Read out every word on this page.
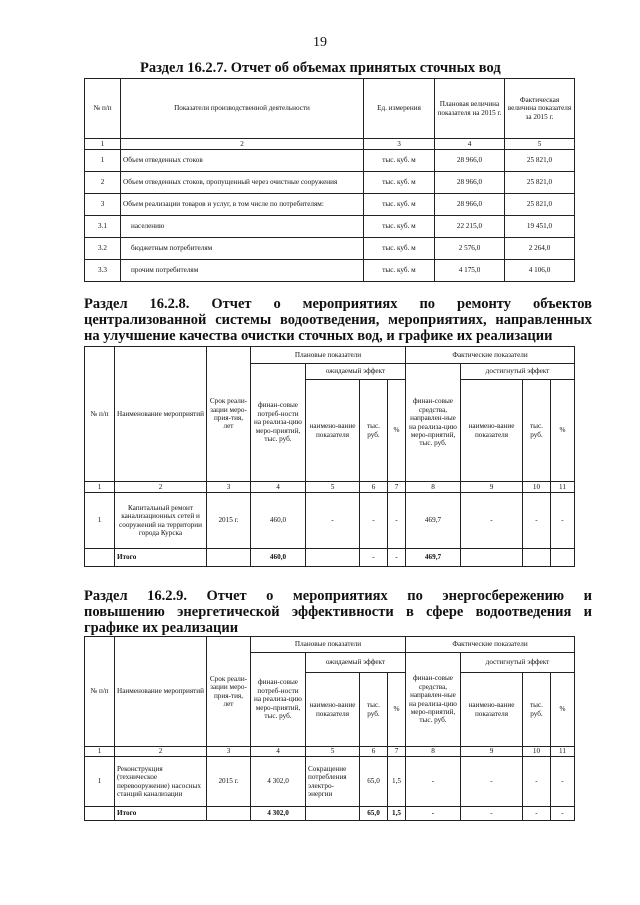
19
Раздел 16.2.7. Отчет об объемах принятых сточных вод
№ п/п	Показатели производственной деятельности	Ед. измерения	Плановая величина показателя на 2015 г.	Фактическая величина показателя за 2015 г.
1	2	3	4	5
1	Объем отведенных стоков	тыс. куб. м	28 966,0	25 821,0
2	Объем отведенных стоков, пропущенный через очистные сооружения	тыс. куб. м	28 966,0	25 821,0
3	Объем реализации товаров и услуг, в том числе по потребителям:	тыс. куб. м	28 966,0	25 821,0
3.1	населению	тыс. куб. м	22 215,0	19 451,0
3.2	бюджетным потребителям	тыс. куб. м	2 576,0	2 264,0
3.3	прочим потребителям	тыс. куб. м	4 175,0	4 106,0
Раздел 16.2.8. Отчет о мероприятиях по ремонту объектов
централизованной системы водоотведения, мероприятиях, направленных
на улучшение качества очистки сточных вод, и графике их реализации
№ п/п	Наименование мероприятий	Срок реали-зации меро-прия-тия, лет	Плановые показатели				Фактические показатели			
			финан-совые потреб-ности на реализа-цию меро-приятий, тыс. руб.	ожидаемый эффект			финан-совые средства, направлен-ные на реализа-цию меро-приятий, тыс. руб.	достигнутый эффект		
				наимено-вание показателя	тыс. руб.	%		наимено-вание показателя	тыс. руб.	%
1	2	3	4	5	6	7	8	9	10	11
1	Капитальный ремонт канализационных сетей и сооружений на территории города Курска	2015 г.	460,0	-	-	-	469,7	-	-	-
	Итого		460,0		-	-	469,7			
Раздел 16.2.9. Отчет о мероприятиях по энергосбережению и
повышению энергетической эффективности в сфере водоотведения и
графике их реализации
№ п/п	Наименование мероприятий	Срок реали-зации меро-прия-тия, лет	Плановые показатели				Фактические показатели			
			финан-совые потреб-ности на реализа-цию меро-приятий, тыс. руб.	ожидаемый эффект			финан-совые средства, направлен-ные на реализа-цию меро-приятий, тыс. руб.	достигнутый эффект		
				наимено-вание показателя	тыс. руб.	%		наимено-вание показателя	тыс. руб.	%
1	2	3	4	5	6	7	8	9	10	11
1	Реконструкция (техническое перевооружение) насосных станций канализации	2015 г.	4 302,0	Сокращение потребления электро-энергии	65,0	1,5	-	-	-	-
	Итого		4 302,0		65,0	1,5	-	-	-	-
